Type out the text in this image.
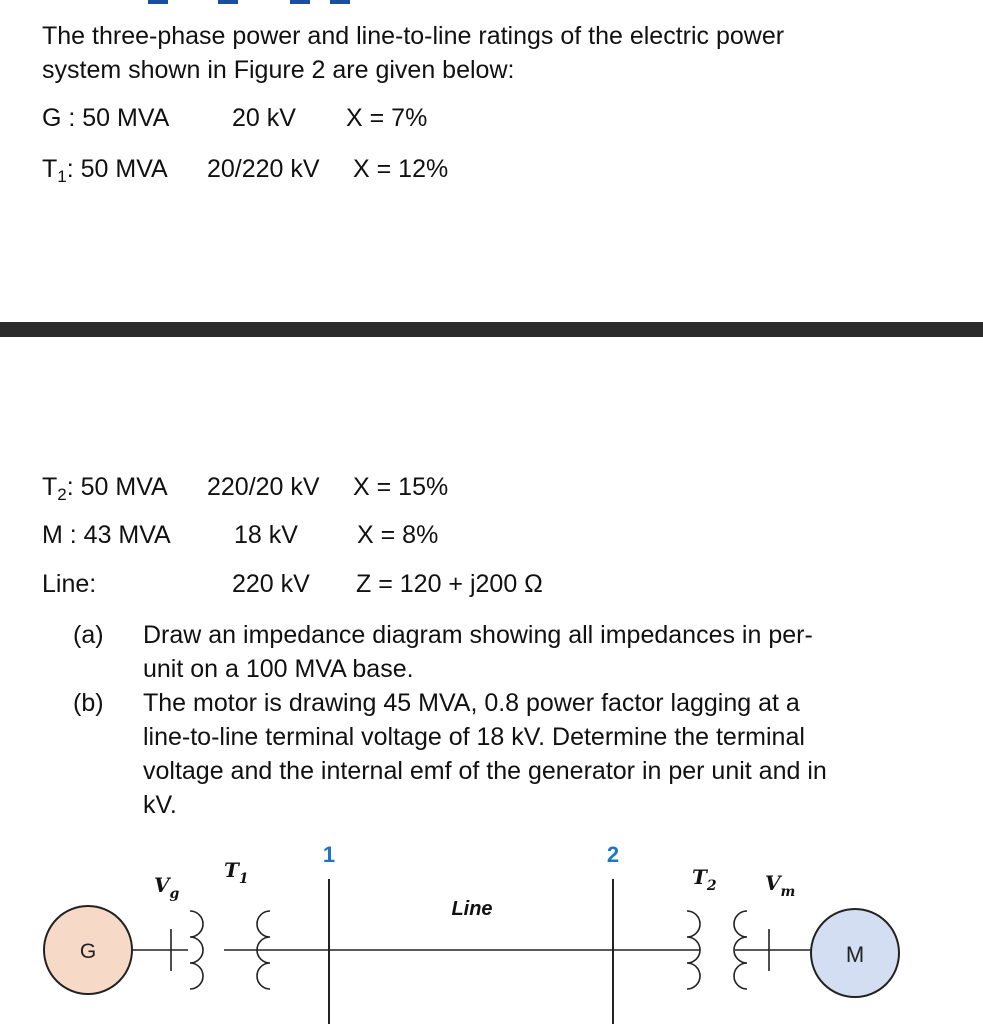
The three-phase power and line-to-line ratings of the electric power
system shown in Figure 2 are given below:
G : 50 MVA	20 kV X = 7%
$T_1$: 50 MVA 20/220 kV X = 12%
$T_2$: 50 MVA 220/20 kV X = 15%
M : 43 MVA	18 kV X = 8%
Line:	220 kV Z = 120 + j200 Ω
(a) Draw an impedance diagram showing all impedances in per-
unit on a 100 MVA base.
(b) The motor is drawing 45 MVA, 0.8 power factor lagging at a
line-to-line terminal voltage of 18 kV. Determine the terminal
voltage and the internal emf of the generator in per unit and in
kV.
1	2
$V_g$
$T_1$	$T_2$ $V_m$
Line
G	M
